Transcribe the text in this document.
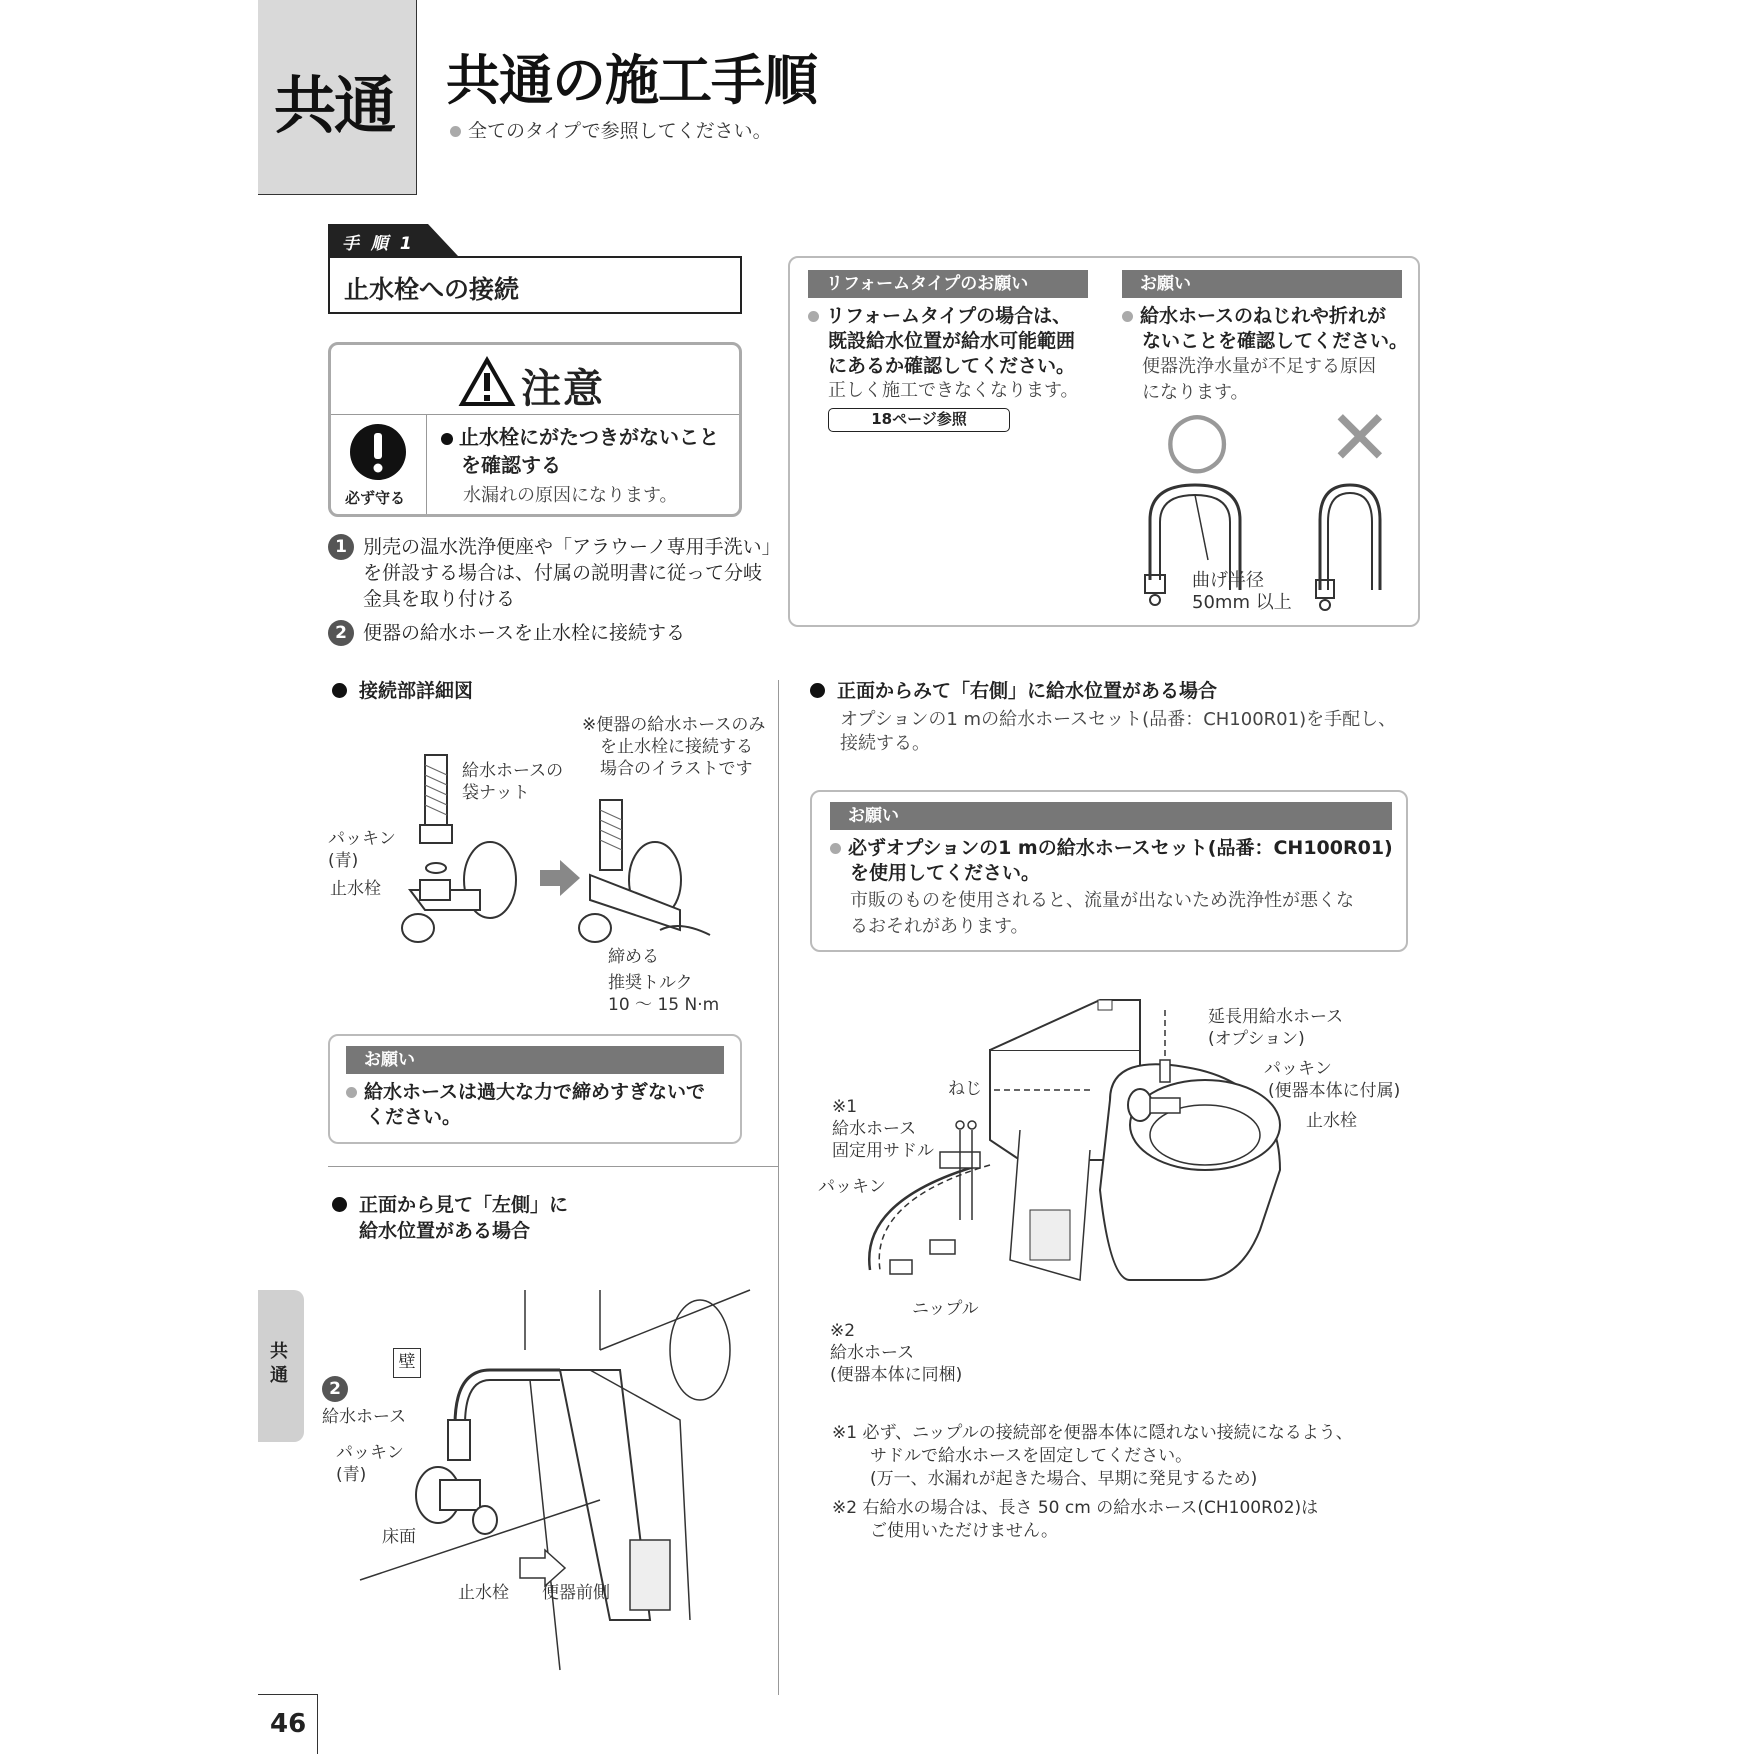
共通 共通の施工手順
全てのタイプで参照してください。
手 順 1
止水栓への接続
注意
必ず守る
止水栓にがたつきがないこと
を確認する
水漏れの原因になります。
1 別売の温水洗浄便座や「アラウーノ専用手洗い」
を併設する場合は、付属の説明書に従って分岐
金具を取り付ける
2 便器の給水ホースを止水栓に接続する
リフォームタイプのお願い
リフォームタイプの場合は、
既設給水位置が給水可能範囲
にあるか確認してください。
正しく施工できなくなります。
18ページ参照
お願い
給水ホースのねじれや折れが
ないことを確認してください。
便器洗浄水量が不足する原因
になります。
○ ✕
曲げ半径
50mm 以上
接続部詳細図
※便器の給水ホースのみ
を止水栓に接続する
場合のイラストです
給水ホースの
袋ナット
パッキン
(青)
止水栓
締める
推奨トルク
10 ～ 15 N·m
お願い
給水ホースは過大な力で締めすぎないで
ください。
正面から見て「左側」に
給水位置がある場合
壁
2
給水ホース
パッキン
(青)
床面
止水栓 便器前側
正面からみて「右側」に給水位置がある場合
オプションの1 mの給水ホースセット(品番：CH100R01)を手配し、
接続する。
お願い
必ずオプションの1 mの給水ホースセット(品番：CH100R01)
を使用してください。
市販のものを使用されると、流量が出ないため洗浄性が悪くな
るおそれがあります。
延長用給水ホース
(オプション)
パッキン
(便器本体に付属)
止水栓
ねじ
※1
給水ホース
固定用サドル
パッキン
ニップル
※2
給水ホース
(便器本体に同梱)
※1 必ず、ニップルの接続部を便器本体に隠れない接続になるよう、
サドルで給水ホースを固定してください。
(万一、水漏れが起きた場合、早期に発見するため)
※2 右給水の場合は、長さ 50 cm の給水ホース(CH100R02)は
ご使用いただけません。
共通
46
